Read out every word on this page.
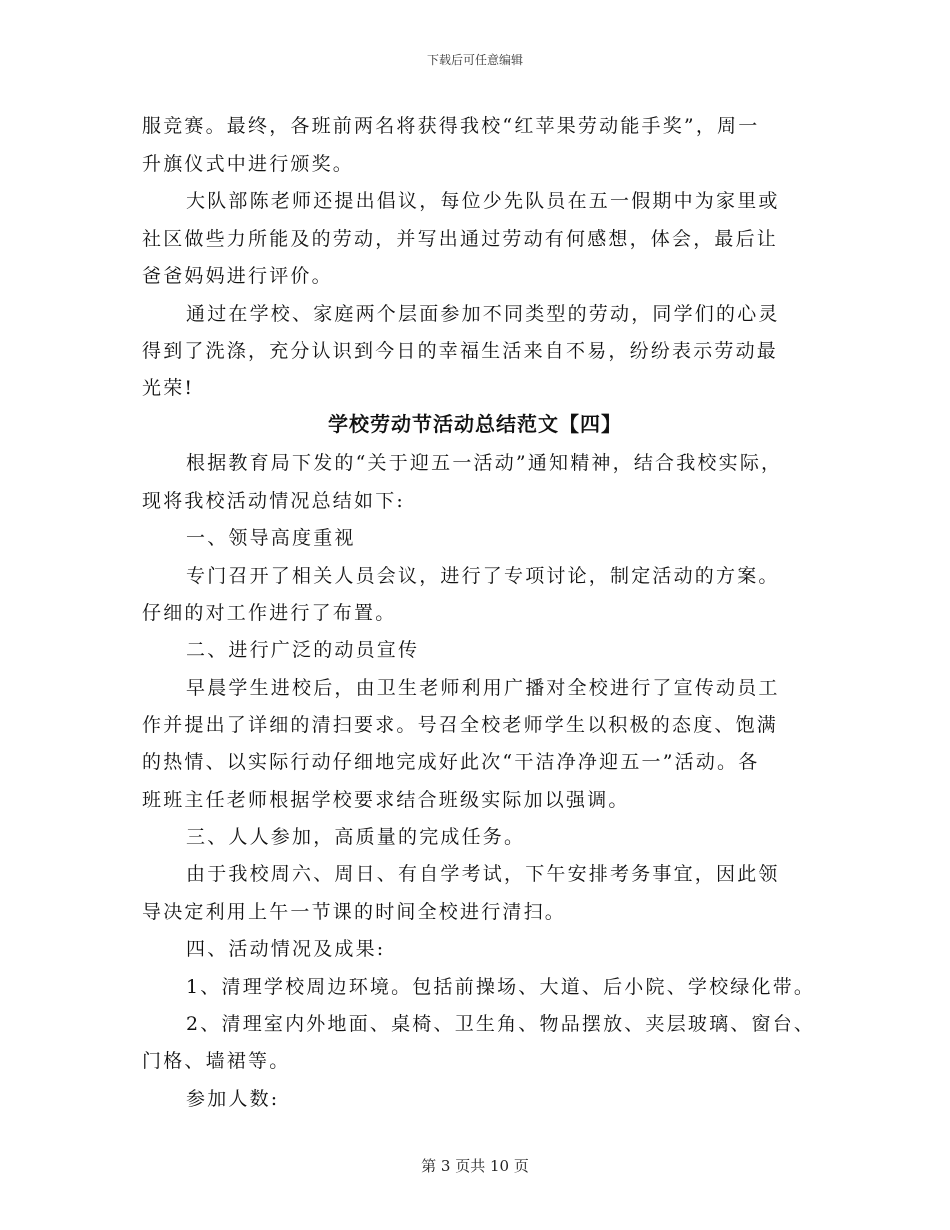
下载后可任意编辑
服竞赛。最终，各班前两名将获得我校“红苹果劳动能手奖”，周一
升旗仪式中进行颁奖。
大队部陈老师还提出倡议，每位少先队员在五一假期中为家里或
社区做些力所能及的劳动，并写出通过劳动有何感想，体会，最后让
爸爸妈妈进行评价。
通过在学校、家庭两个层面参加不同类型的劳动，同学们的心灵
得到了洗涤，充分认识到今日的幸福生活来自不易，纷纷表示劳动最
光荣!
学校劳动节活动总结范文【四】
根据教育局下发的“关于迎五一活动”通知精神，结合我校实际，
现将我校活动情况总结如下:
一、领导高度重视
专门召开了相关人员会议，进行了专项讨论，制定活动的方案。
仔细的对工作进行了布置。
二、进行广泛的动员宣传
早晨学生进校后，由卫生老师利用广播对全校进行了宣传动员工
作并提出了详细的清扫要求。号召全校老师学生以积极的态度、饱满
的热情、以实际行动仔细地完成好此次“干洁净净迎五一”活动。各
班班主任老师根据学校要求结合班级实际加以强调。
三、人人参加，高质量的完成任务。
由于我校周六、周日、有自学考试，下午安排考务事宜，因此领
导决定利用上午一节课的时间全校进行清扫。
四、活动情况及成果:
1、清理学校周边环境。包括前操场、大道、后小院、学校绿化带。
2、清理室内外地面、桌椅、卫生角、物品摆放、夹层玻璃、窗台、
门格、墙裙等。
参加人数:
第 3 页共 10 页
